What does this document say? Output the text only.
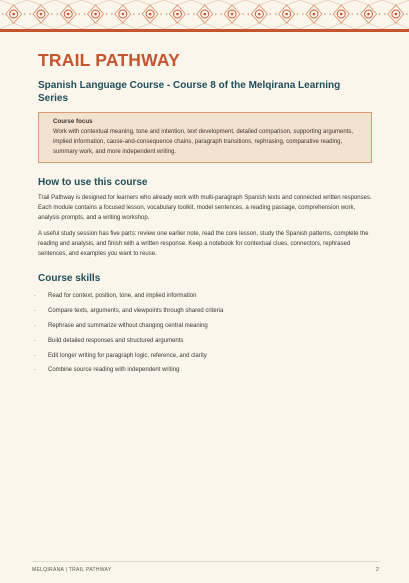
TRAIL PATHWAY
Spanish Language Course - Course 8 of the Melqirana Learning Series
Course focus
Work with contextual meaning, tone and intention, text development, detailed comparison, supporting arguments, implied information, cause-and-consequence chains, paragraph transitions, rephrasing, comparative reading, summary work, and more independent writing.
How to use this course

Trail Pathway is designed for learners who already work with multi-paragraph Spanish texts and connected written responses. Each module contains a focused lesson, vocabulary toolkit, model sentences, a reading passage, comprehension work, analysis prompts, and a writing workshop.

A useful study session has five parts: review one earlier note, read the core lesson, study the Spanish patterns, complete the reading and analysis, and finish with a written response. Keep a notebook for contextual clues, connectors, rephrased sentences, and examples you want to reuse.

Course skills
· Read for context, position, tone, and implied information
· Compare texts, arguments, and viewpoints through shared criteria
· Rephrase and summarize without changing central meaning
· Build detailed responses and structured arguments
· Edit longer writing for paragraph logic, reference, and clarity
· Combine source reading with independent writing
MELQIRANA | TRAIL PATHWAY	2
